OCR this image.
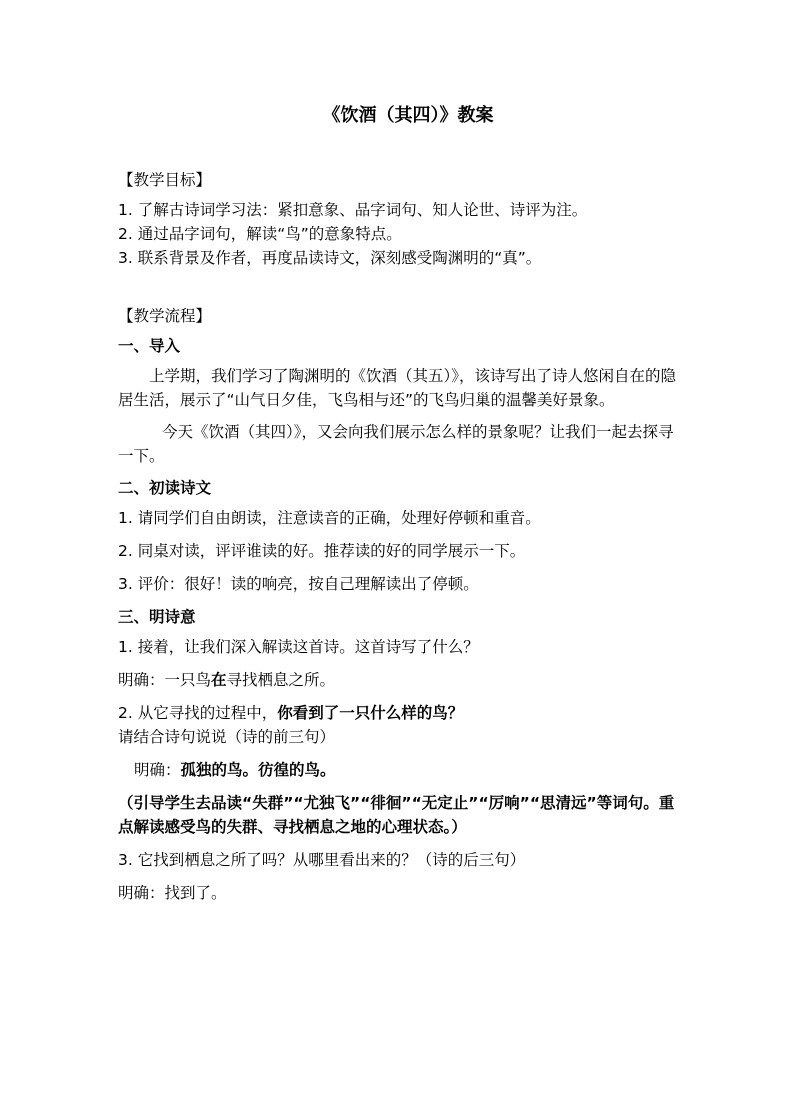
《饮酒（其四）》教案
【教学目标】
1. 了解古诗词学习法：紧扣意象、品字词句、知人论世、诗评为注。
2. 通过品字词句，解读“鸟”的意象特点。
3. 联系背景及作者，再度品读诗文，深刻感受陶渊明的“真”。
【教学流程】
一、导入
上学期，我们学习了陶渊明的《饮酒（其五）》，该诗写出了诗人悠闲自在的隐居生活，展示了“山气日夕佳，飞鸟相与还”的飞鸟归巢的温馨美好景象。
今天《饮酒（其四）》，又会向我们展示怎么样的景象呢？让我们一起去探寻一下。
二、初读诗文
1. 请同学们自由朗读，注意读音的正确，处理好停顿和重音。
2. 同桌对读，评评谁读的好。推荐读的好的同学展示一下。
3. 评价：很好！读的响亮，按自己理解读出了停顿。
三、明诗意
1. 接着，让我们深入解读这首诗。这首诗写了什么？
明确：一只鸟在寻找栖息之所。
2. 从它寻找的过程中，你看到了一只什么样的鸟？请结合诗句说说（诗的前三句）
明确：孤独的鸟。彷徨的鸟。
（引导学生去品读“失群”“尤独飞”“徘徊”“无定止”“厉响”“思清远”等词句。重点解读感受鸟的失群、寻找栖息之地的心理状态。）
3. 它找到栖息之所了吗？从哪里看出来的？（诗的后三句）
明确：找到了。
